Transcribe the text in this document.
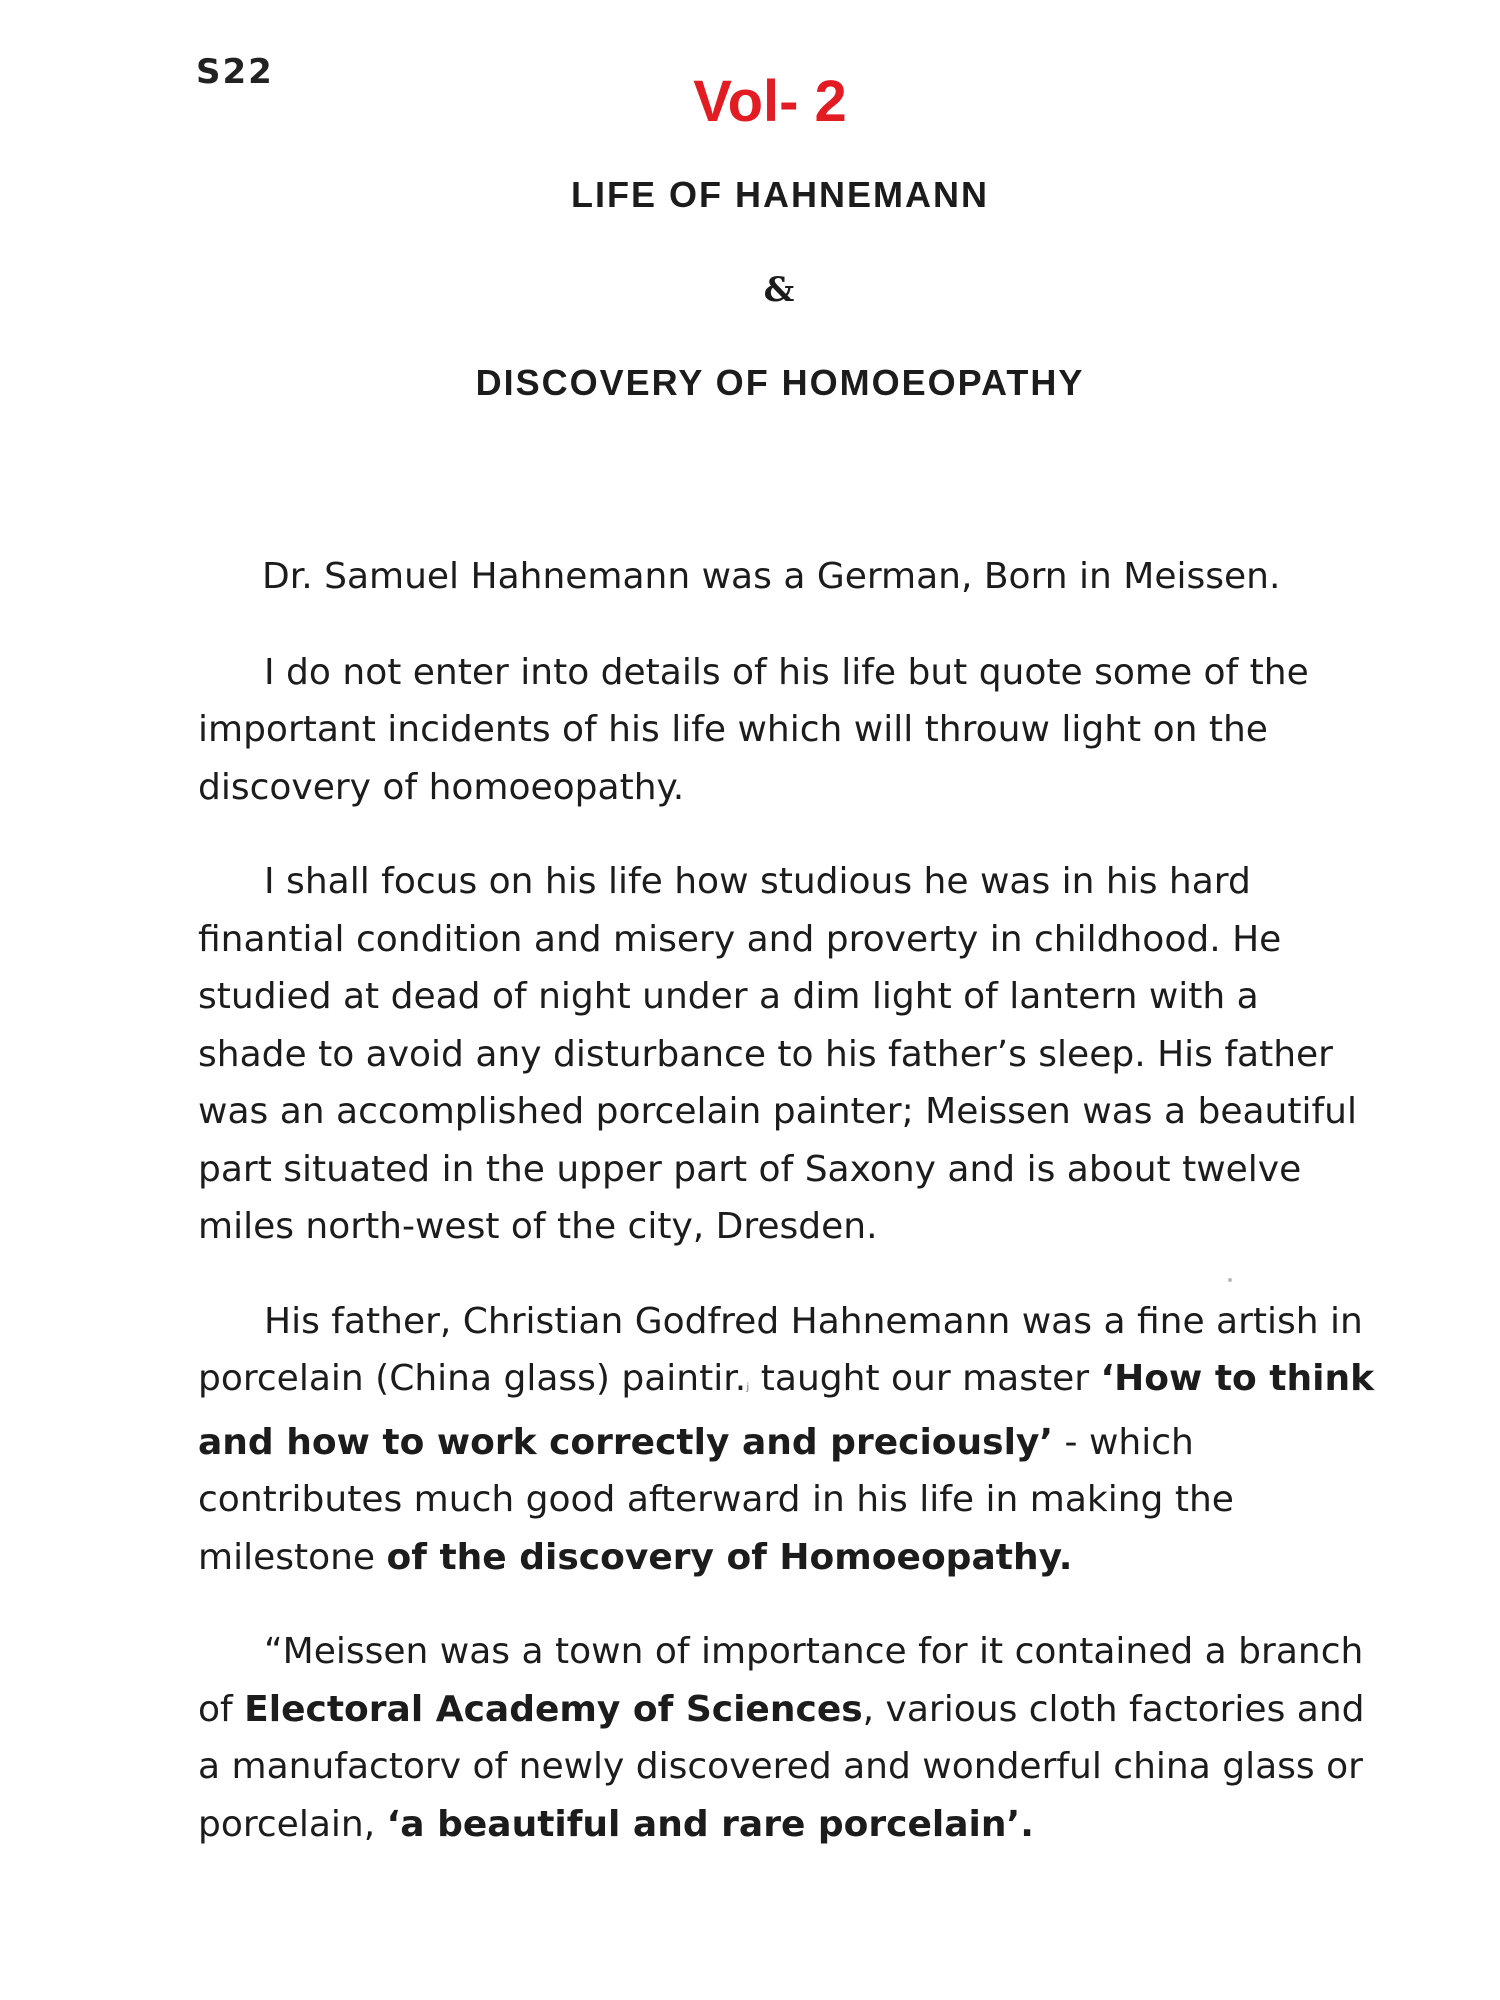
S22	Vol- 2
LIFE OF HAHNEMANN
&
DISCOVERY OF HOMOEOPATHY

Dr. Samuel Hahnemann was a German, Born in Meissen.

I do not enter into details of his life but quote some of the important incidents of his life which will throuw light on the discovery of homoeopathy.

I shall focus on his life how studious he was in his hard finantial condition and misery and proverty in childhood. He studied at dead of night under a dim light of lantern with a shade to avoid any disturbance to his father’s sleep. His father was an accomplished porcelain painter; Meissen was a beautiful part situated in the upper part of Saxony and is about twelve miles north-west of the city, Dresden.

His father, Christian Godfred Hahnemann was a fine artish in porcelain (China glass) paintir.ⱼ taught our master ‘How to think and how to work correctly and preciously’ - which contributes much good afterward in his life in making the milestone of the discovery of Homoeopathy.

“Meissen was a town of importance for it contained a branch of Electoral Academy of Sciences, various cloth factories and a manufactorv of newly discovered and wonderful china glass or porcelain, ‘a beautiful and rare porcelain’.
